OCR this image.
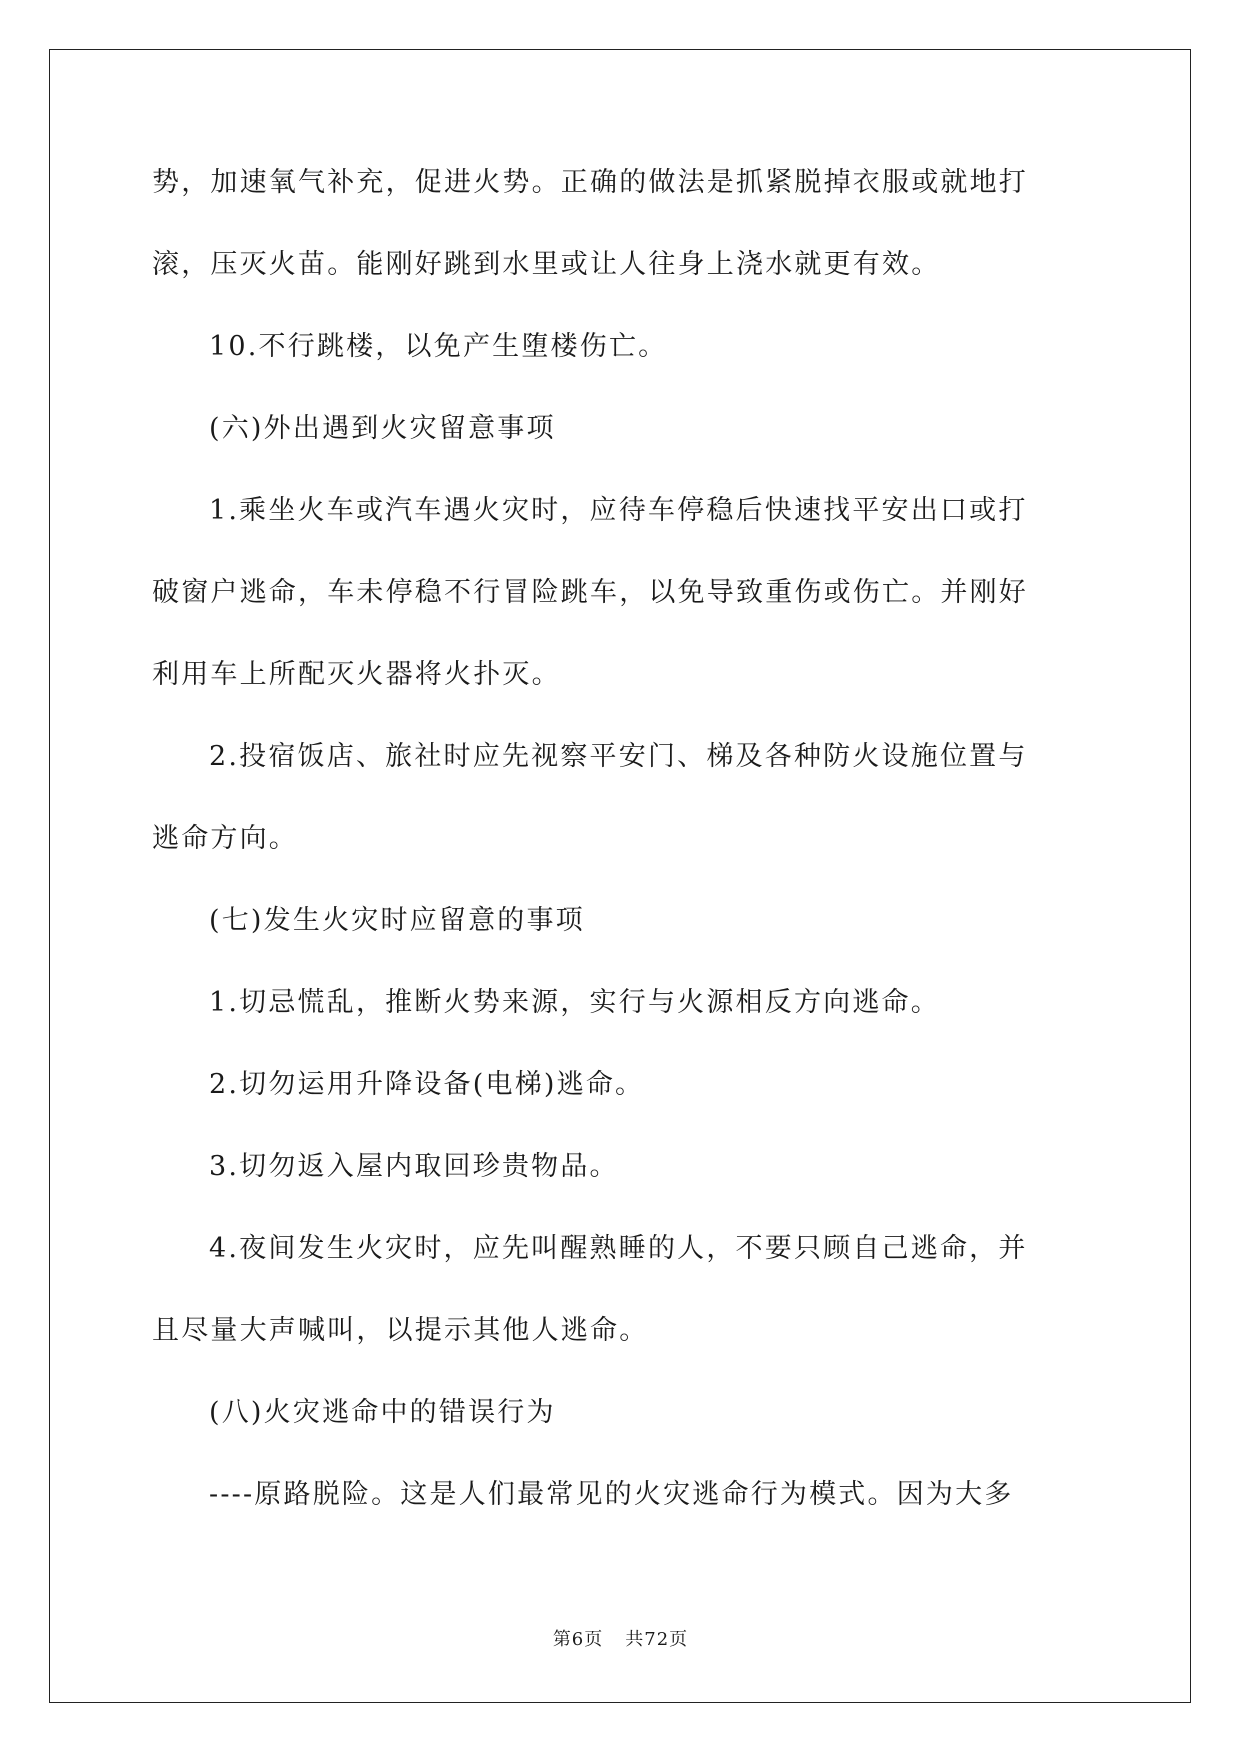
势，加速氧气补充，促进火势。正确的做法是抓紧脱掉衣服或就地打
滚，压灭火苗。能刚好跳到水里或让人往身上浇水就更有效。
10.不行跳楼，以免产生堕楼伤亡。
(六)外出遇到火灾留意事项
1.乘坐火车或汽车遇火灾时，应待车停稳后快速找平安出口或打
破窗户逃命，车未停稳不行冒险跳车，以免导致重伤或伤亡。并刚好
利用车上所配灭火器将火扑灭。
2.投宿饭店、旅社时应先视察平安门、梯及各种防火设施位置与
逃命方向。
(七)发生火灾时应留意的事项
1.切忌慌乱，推断火势来源，实行与火源相反方向逃命。
2.切勿运用升降设备(电梯)逃命。
3.切勿返入屋内取回珍贵物品。
4.夜间发生火灾时，应先叫醒熟睡的人，不要只顾自己逃命，并
且尽量大声喊叫，以提示其他人逃命。
(八)火灾逃命中的错误行为
----原路脱险。这是人们最常见的火灾逃命行为模式。因为大多
第6页 共72页
